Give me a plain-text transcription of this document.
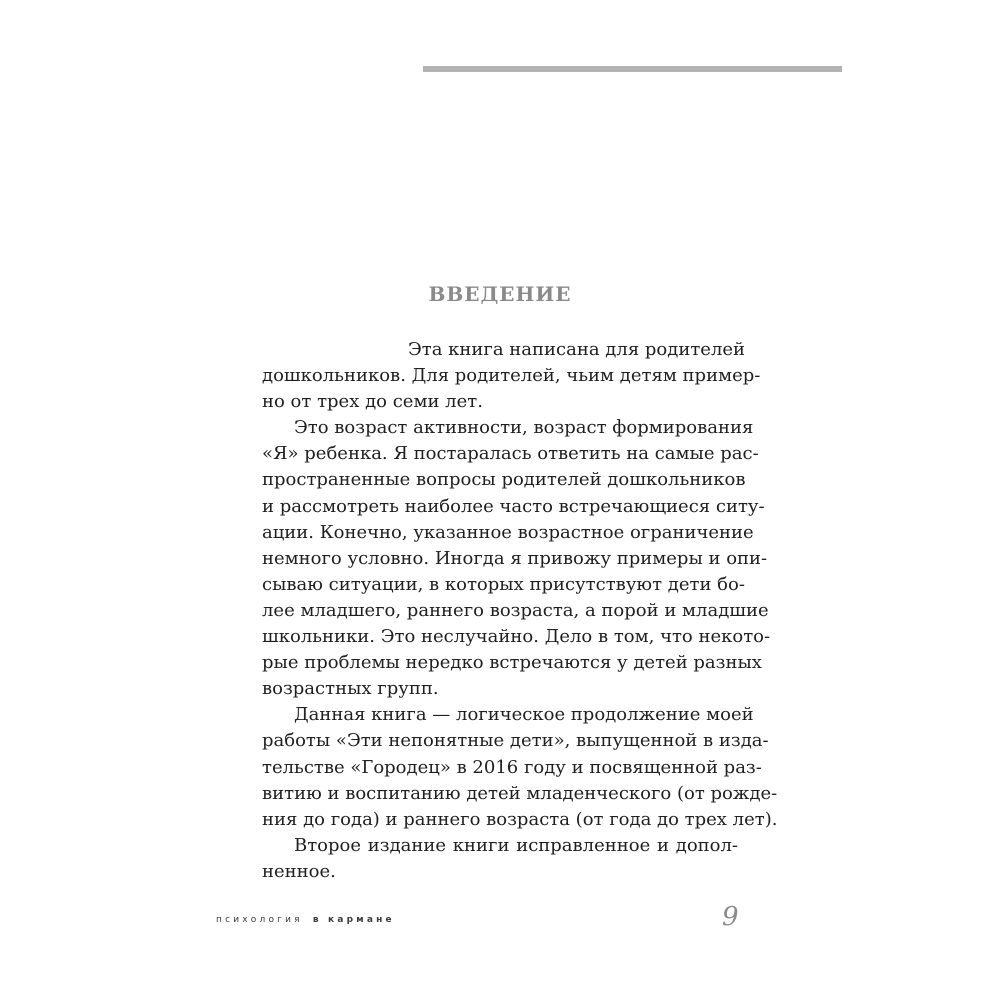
ВВЕДЕНИЕ
Эта книга написана для родителей
дошкольников. Для родителей, чьим детям пример-
но от трех до семи лет.
Это возраст активности, возраст формирования
«Я» ребенка. Я постаралась ответить на самые рас-
пространенные вопросы родителей дошкольников
и рассмотреть наиболее часто встречающиеся ситу-
ации. Конечно, указанное возрастное ограничение
немного условно. Иногда я привожу примеры и опи-
сываю ситуации, в которых присутствуют дети бо-
лее младшего, раннего возраста, а порой и младшие
школьники. Это неслучайно. Дело в том, что некото-
рые проблемы нередко встречаются у детей разных
возрастных групп.
Данная книга — логическое продолжение моей
работы «Эти непонятные дети», выпущенной в изда-
тельстве «Городец» в 2016 году и посвященной раз-
витию и воспитанию детей младенческого (от рожде-
ния до года) и раннего возраста (от года до трех лет).
Второе издание книги исправленное и допол-
ненное.
психология в кармане	9
